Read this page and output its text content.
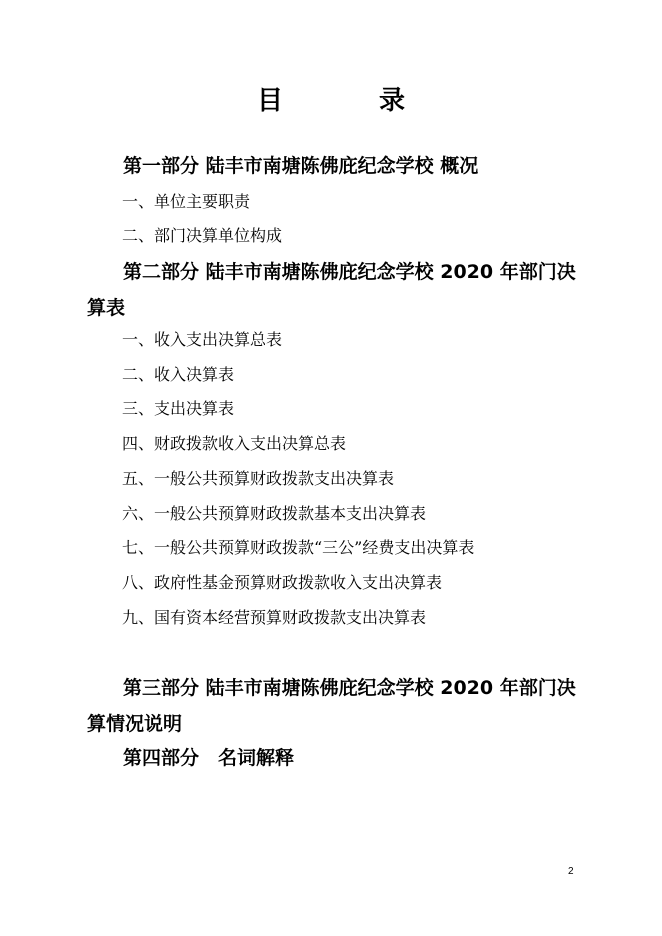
目	录
第一部分 陆丰市南塘陈佛庇纪念学校 概况
一、单位主要职责
二、部门决算单位构成
第二部分 陆丰市南塘陈佛庇纪念学校 2020 年部门决算表
一、收入支出决算总表
二、收入决算表
三、支出决算表
四、财政拨款收入支出决算总表
五、一般公共预算财政拨款支出决算表
六、一般公共预算财政拨款基本支出决算表
七、一般公共预算财政拨款“三公”经费支出决算表
八、政府性基金预算财政拨款收入支出决算表
九、国有资本经营预算财政拨款支出决算表
第三部分 陆丰市南塘陈佛庇纪念学校 2020 年部门决算情况说明
第四部分　名词解释
2
